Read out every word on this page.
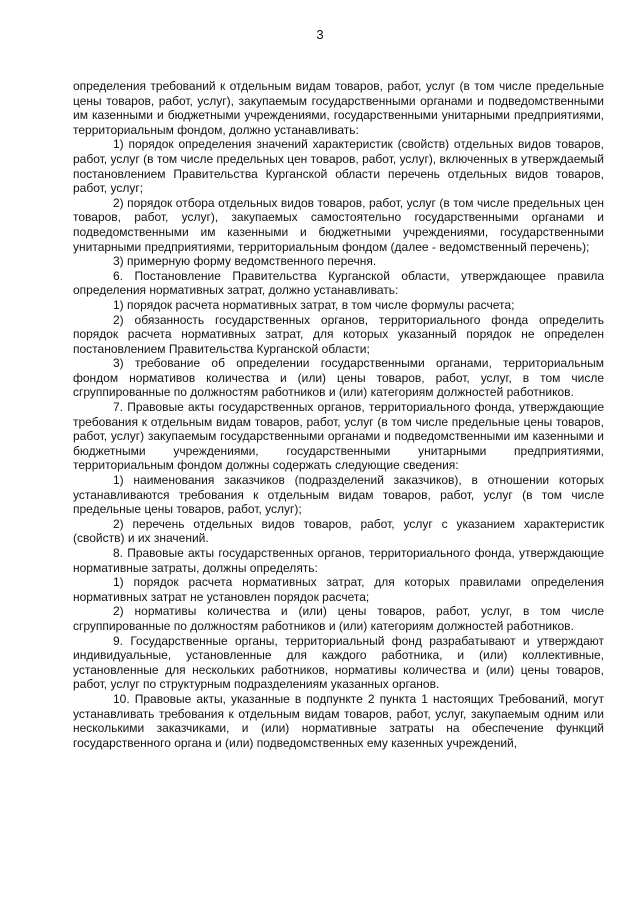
3

определения требований к отдельным видам товаров, работ, услуг (в том числе предельные цены товаров, работ, услуг), закупаемым государственными органами и подведомственными им казенными и бюджетными учреждениями, государственными унитарными предприятиями, территориальным фондом, должно устанавливать:

1) порядок определения значений характеристик (свойств) отдельных видов товаров, работ, услуг (в том числе предельных цен товаров, работ, услуг), включенных в утверждаемый постановлением Правительства Курганской области перечень отдельных видов товаров, работ, услуг;

2) порядок отбора отдельных видов товаров, работ, услуг (в том числе предельных цен товаров, работ, услуг), закупаемых самостоятельно государственными органами и подведомственными им казенными и бюджетными учреждениями, государственными унитарными предприятиями, территориальным фондом (далее - ведомственный перечень);

3) примерную форму ведомственного перечня.

6. Постановление Правительства Курганской области, утверждающее правила определения нормативных затрат, должно устанавливать:

1) порядок расчета нормативных затрат, в том числе формулы расчета;

2) обязанность государственных органов, территориального фонда определить порядок расчета нормативных затрат, для которых указанный порядок не определен постановлением Правительства Курганской области;

3) требование об определении государственными органами, территориальным фондом нормативов количества и (или) цены товаров, работ, услуг, в том числе сгруппированные по должностям работников и (или) категориям должностей работников.

7. Правовые акты государственных органов, территориального фонда, утверждающие требования к отдельным видам товаров, работ, услуг (в том числе предельные цены товаров, работ, услуг) закупаемым государственными органами и подведомственными им казенными и бюджетными учреждениями, государственными унитарными предприятиями, территориальным фондом должны содержать следующие сведения:

1) наименования заказчиков (подразделений заказчиков), в отношении которых устанавливаются требования к отдельным видам товаров, работ, услуг (в том числе предельные цены товаров, работ, услуг);

2) перечень отдельных видов товаров, работ, услуг с указанием характеристик (свойств) и их значений.

8. Правовые акты государственных органов, территориального фонда, утверждающие нормативные затраты, должны определять:

1) порядок расчета нормативных затрат, для которых правилами определения нормативных затрат не установлен порядок расчета;

2) нормативы количества и (или) цены товаров, работ, услуг, в том числе сгруппированные по должностям работников и (или) категориям должностей работников.

9. Государственные органы, территориальный фонд разрабатывают и утверждают индивидуальные, установленные для каждого работника, и (или) коллективные, установленные для нескольких работников, нормативы количества и (или) цены товаров, работ, услуг по структурным подразделениям указанных органов.

10. Правовые акты, указанные в подпункте 2 пункта 1 настоящих Требований, могут устанавливать требования к отдельным видам товаров, работ, услуг, закупаемым одним или несколькими заказчиками, и (или) нормативные затраты на обеспечение функций государственного органа и (или) подведомственных ему казенных учреждений,
